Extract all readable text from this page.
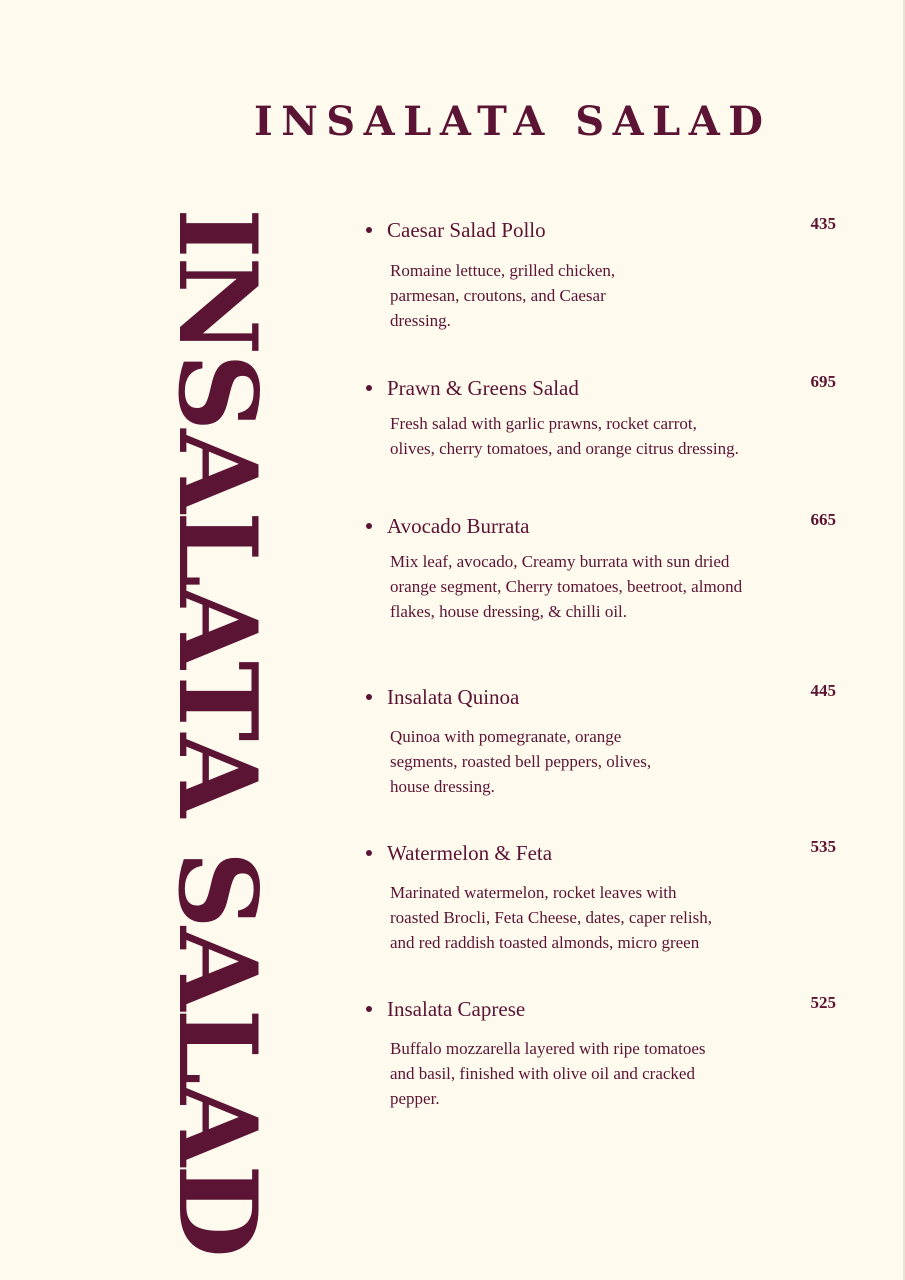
INSALATA SALAD
INSALATA SALAD	Caesar Salad Pollo	435

Romaine lettuce, grilled chicken, parmesan, croutons, and Caesar dressing.

Prawn & Greens Salad	695

Fresh salad with garlic prawns, rocket carrot, olives, cherry tomatoes, and orange citrus dressing.

Avocado Burrata	665

Mix leaf, avocado, Creamy burrata with sun dried orange segment, Cherry tomatoes, beetroot, almond flakes, house dressing, & chilli oil.

Insalata Quinoa	445

Quinoa with pomegranate, orange segments, roasted bell peppers, olives, house dressing.

Watermelon & Feta	535

Marinated watermelon, rocket leaves with roasted Brocli, Feta Cheese, dates, caper relish, and red raddish toasted almonds, micro green

Insalata Caprese	525

Buffalo mozzarella layered with ripe tomatoes and basil, finished with olive oil and cracked pepper.
